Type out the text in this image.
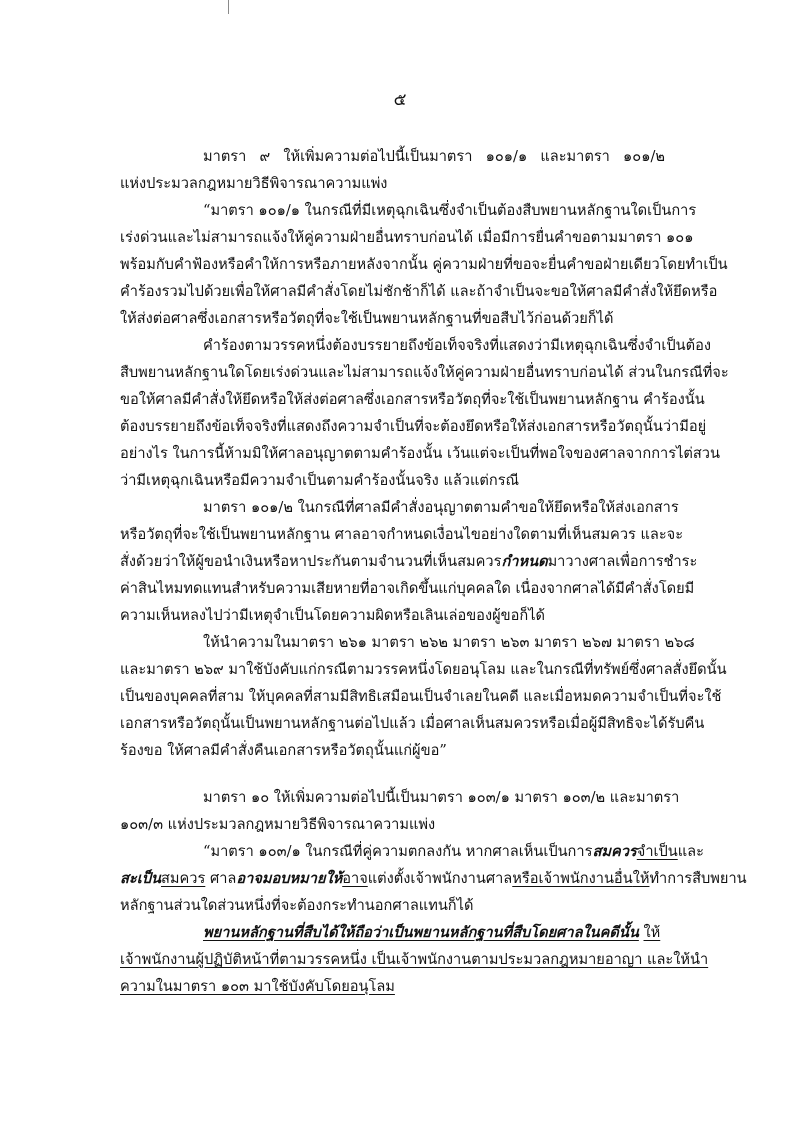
๕
มาตรา ๙ ให้เพิ่มความต่อไปนี้เป็นมาตรา ๑๐๑/๑ และมาตรา ๑๐๑/๒
แห่งประมวลกฎหมายวิธีพิจารณาความแพ่ง
“มาตรา ๑๐๑/๑ ในกรณีที่มีเหตุฉุกเฉินซึ่งจำเป็นต้องสืบพยานหลักฐานใดเป็นการ
เร่งด่วนและไม่สามารถแจ้งให้คู่ความฝ่ายอื่นทราบก่อนได้ เมื่อมีการยื่นคำขอตามมาตรา ๑๐๑
พร้อมกับคำฟ้องหรือคำให้การหรือภายหลังจากนั้น คู่ความฝ่ายที่ขอจะยื่นคำขอฝ่ายเดียวโดยทำเป็น
คำร้องรวมไปด้วยเพื่อให้ศาลมีคำสั่งโดยไม่ชักช้าก็ได้ และถ้าจำเป็นจะขอให้ศาลมีคำสั่งให้ยึดหรือ
ให้ส่งต่อศาลซึ่งเอกสารหรือวัตถุที่จะใช้เป็นพยานหลักฐานที่ขอสืบไว้ก่อนด้วยก็ได้
คำร้องตามวรรคหนึ่งต้องบรรยายถึงข้อเท็จจริงที่แสดงว่ามีเหตุฉุกเฉินซึ่งจำเป็นต้อง
สืบพยานหลักฐานใดโดยเร่งด่วนและไม่สามารถแจ้งให้คู่ความฝ่ายอื่นทราบก่อนได้ ส่วนในกรณีที่จะ
ขอให้ศาลมีคำสั่งให้ยึดหรือให้ส่งต่อศาลซึ่งเอกสารหรือวัตถุที่จะใช้เป็นพยานหลักฐาน คำร้องนั้น
ต้องบรรยายถึงข้อเท็จจริงที่แสดงถึงความจำเป็นที่จะต้องยึดหรือให้ส่งเอกสารหรือวัตถุนั้นว่ามีอยู่
อย่างไร ในการนี้ห้ามมิให้ศาลอนุญาตตามคำร้องนั้น เว้นแต่จะเป็นที่พอใจของศาลจากการไต่สวน
ว่ามีเหตุฉุกเฉินหรือมีความจำเป็นตามคำร้องนั้นจริง แล้วแต่กรณี
มาตรา ๑๐๑/๒ ในกรณีที่ศาลมีคำสั่งอนุญาตตามคำขอให้ยึดหรือให้ส่งเอกสาร
หรือวัตถุที่จะใช้เป็นพยานหลักฐาน ศาลอาจกำหนดเงื่อนไขอย่างใดตามที่เห็นสมควร และจะ
สั่งด้วยว่าให้ผู้ขอนำเงินหรือหาประกันตามจำนวนที่เห็นสมควรกำหนดมาวางศาลเพื่อการชำระ
ค่าสินไหมทดแทนสำหรับความเสียหายที่อาจเกิดขึ้นแก่บุคคลใด เนื่องจากศาลได้มีคำสั่งโดยมี
ความเห็นหลงไปว่ามีเหตุจำเป็นโดยความผิดหรือเลินเล่อของผู้ขอก็ได้
ให้นำความในมาตรา ๒๖๑ มาตรา ๒๖๒ มาตรา ๒๖๓ มาตรา ๒๖๗ มาตรา ๒๖๘
และมาตรา ๒๖๙ มาใช้บังคับแก่กรณีตามวรรคหนึ่งโดยอนุโลม และในกรณีที่ทรัพย์ซึ่งศาลสั่งยึดนั้น
เป็นของบุคคลที่สาม ให้บุคคลที่สามมีสิทธิเสมือนเป็นจำเลยในคดี และเมื่อหมดความจำเป็นที่จะใช้
เอกสารหรือวัตถุนั้นเป็นพยานหลักฐานต่อไปแล้ว เมื่อศาลเห็นสมควรหรือเมื่อผู้มีสิทธิจะได้รับคืน
ร้องขอ ให้ศาลมีคำสั่งคืนเอกสารหรือวัตถุนั้นแก่ผู้ขอ”
มาตรา ๑๐ ให้เพิ่มความต่อไปนี้เป็นมาตรา ๑๐๓/๑ มาตรา ๑๐๓/๒ และมาตรา
๑๐๓/๓ แห่งประมวลกฎหมายวิธีพิจารณาความแพ่ง
“มาตรา ๑๐๓/๑ ในกรณีที่คู่ความตกลงกัน หากศาลเห็นเป็นการสมควรจำเป็นและ
สะเป็นสมควร ศาลอาจมอบหมายให้อาจแต่งตั้งเจ้าพนักงานศาลหรือเจ้าพนักงานอื่นให้ทำการสืบพยาน
หลักฐานส่วนใดส่วนหนึ่งที่จะต้องกระทำนอกศาลแทนก็ได้
พยานหลักฐานที่สืบได้ให้ถือว่าเป็นพยานหลักฐานที่สืบโดยศาลในคดีนั้น ให้
เจ้าพนักงานผู้ปฏิบัติหน้าที่ตามวรรคหนึ่ง เป็นเจ้าพนักงานตามประมวลกฎหมายอาญา และให้นำ
ความในมาตรา ๑๐๓ มาใช้บังคับโดยอนุโลม
